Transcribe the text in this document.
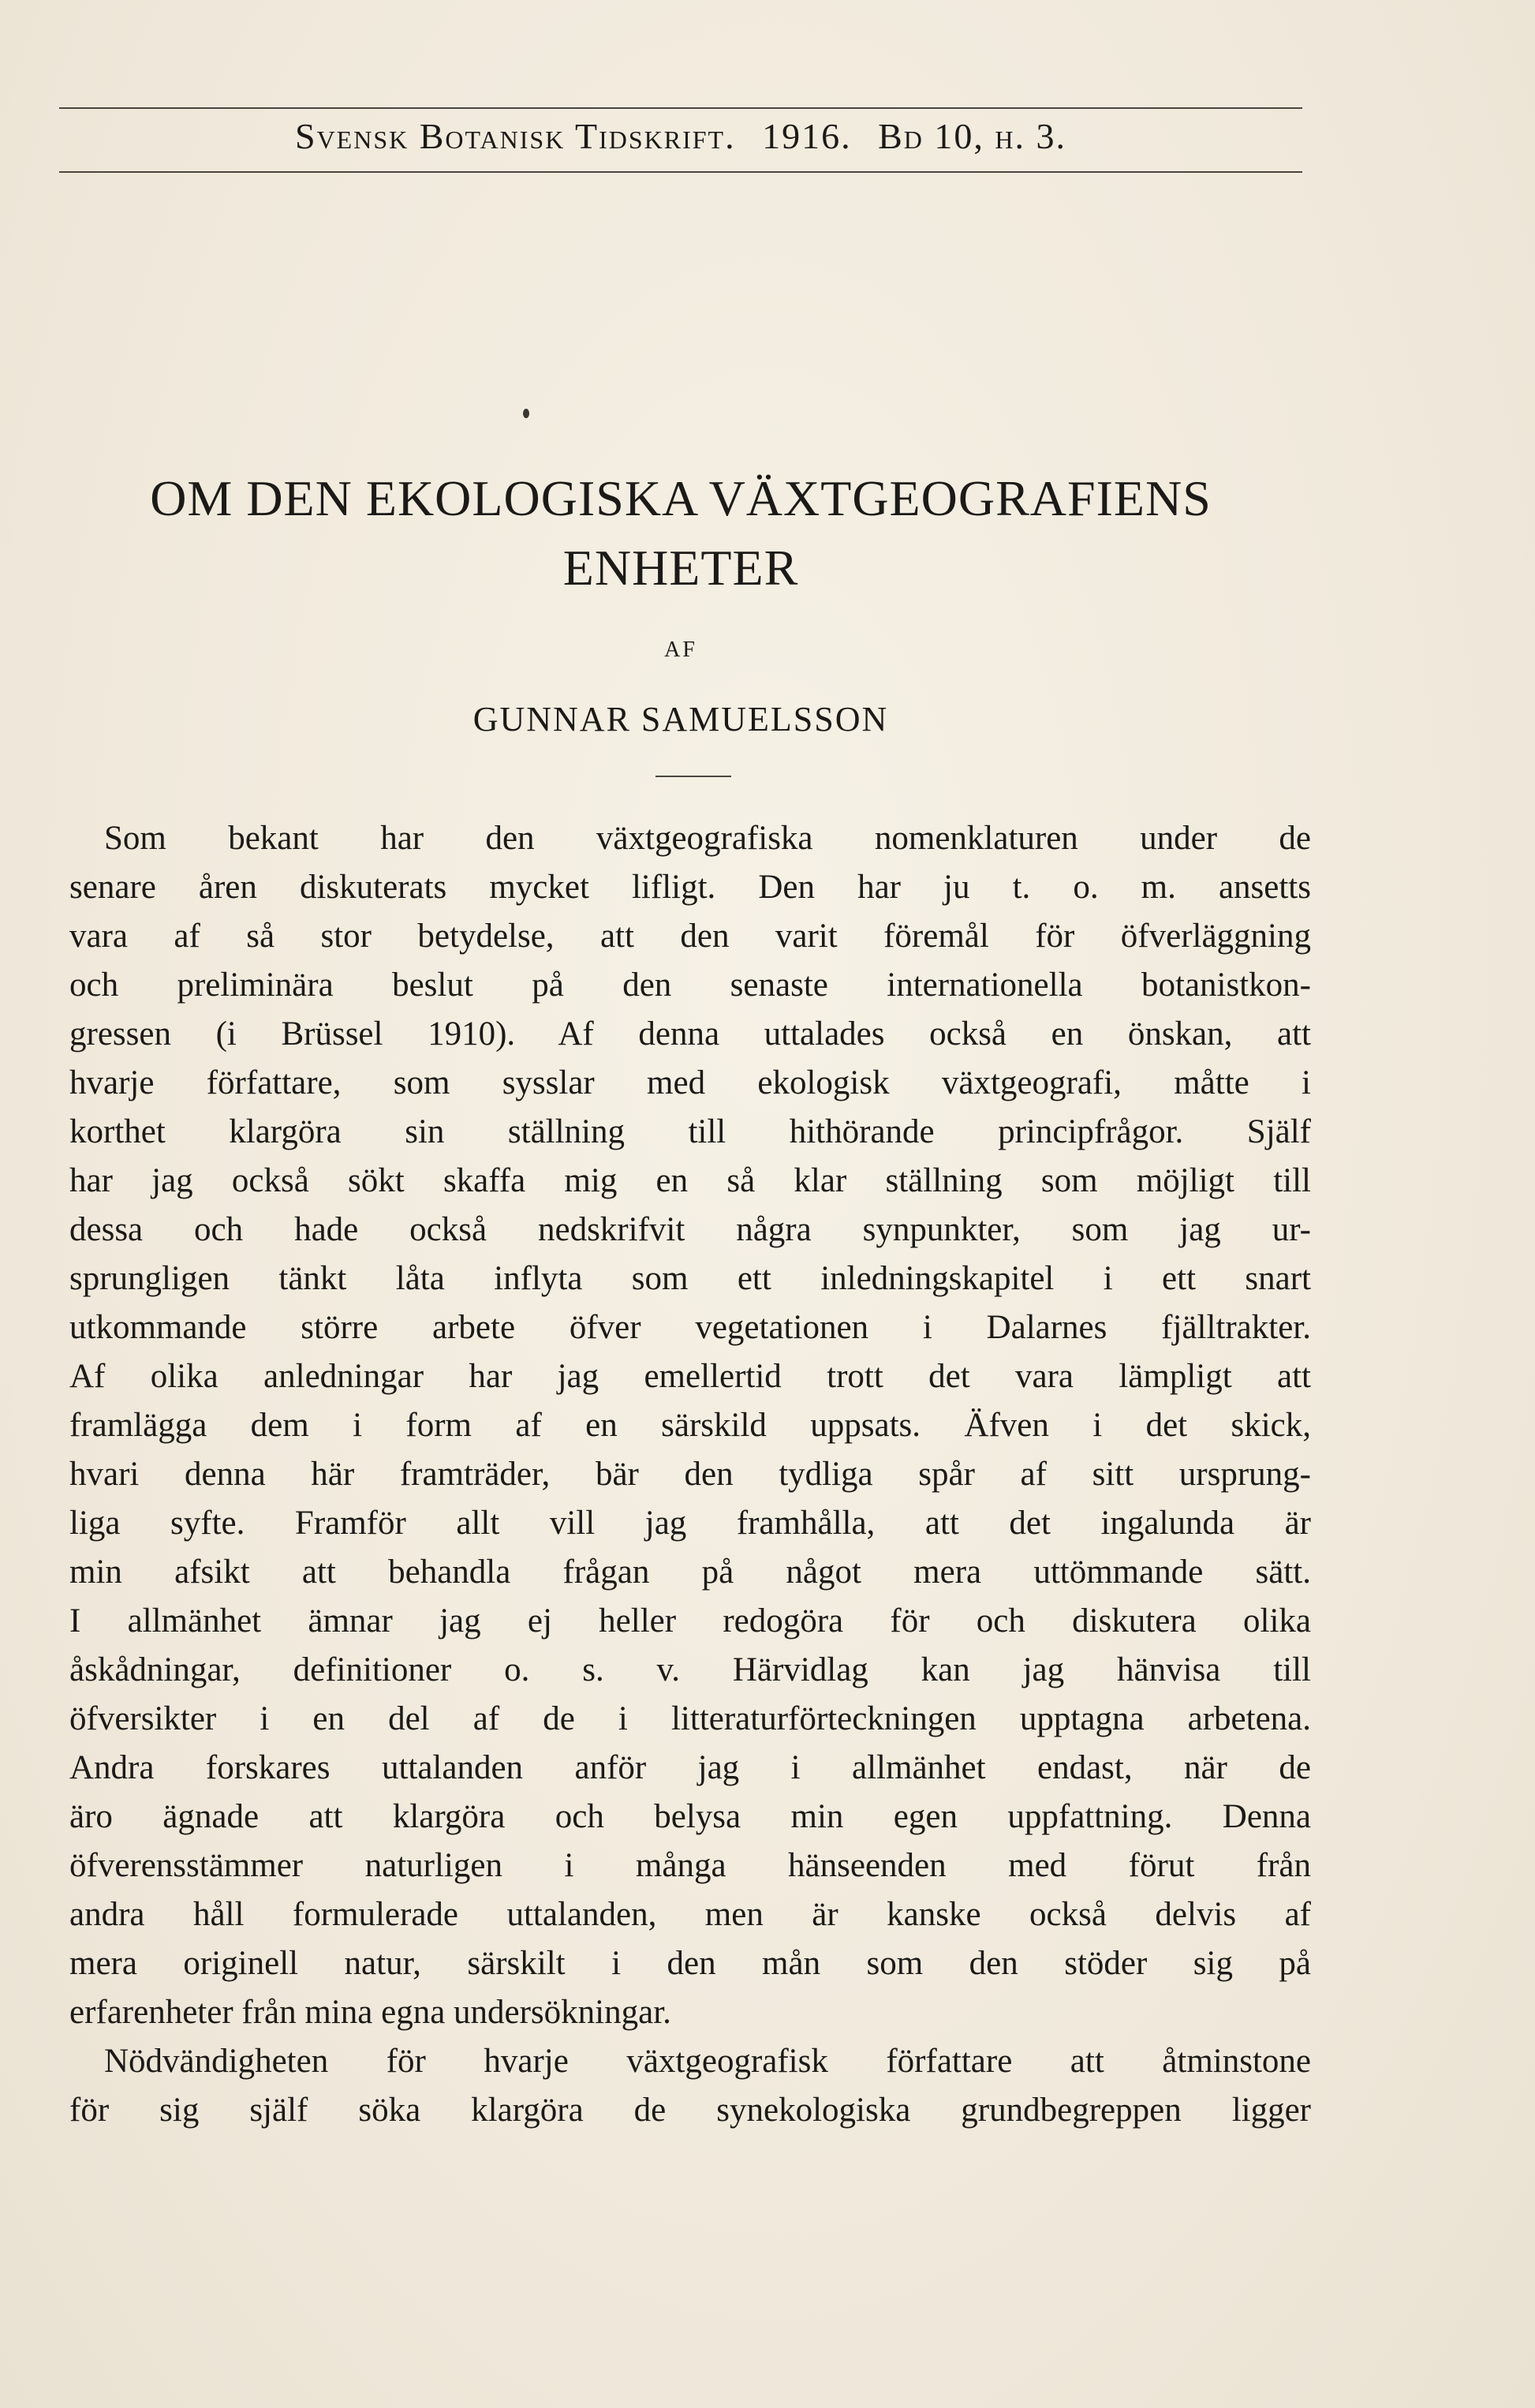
Svensk Botanisk Tidskrift. 1916. Bd 10, h. 3.
OM DEN EKOLOGISKA VÄXTGEOGRAFIENS
ENHETER
AF
GUNNAR SAMUELSSON
Som bekant har den växtgeografiska nomenklaturen under de
senare åren diskuterats mycket lifligt. Den har ju t. o. m. ansetts
vara af så stor betydelse, att den varit föremål för öfverläggning
och preliminära beslut på den senaste internationella botanistkon-
gressen (i Brüssel 1910). Af denna uttalades också en önskan, att
hvarje författare, som sysslar med ekologisk växtgeografi, måtte i
korthet klargöra sin ställning till hithörande principfrågor. Själf
har jag också sökt skaffa mig en så klar ställning som möjligt till
dessa och hade också nedskrifvit några synpunkter, som jag ur-
sprungligen tänkt låta inflyta som ett inledningskapitel i ett snart
utkommande större arbete öfver vegetationen i Dalarnes fjälltrakter.
Af olika anledningar har jag emellertid trott det vara lämpligt att
framlägga dem i form af en särskild uppsats. Äfven i det skick,
hvari denna här framträder, bär den tydliga spår af sitt ursprung-
liga syfte. Framför allt vill jag framhålla, att det ingalunda är
min afsikt att behandla frågan på något mera uttömmande sätt.
I allmänhet ämnar jag ej heller redogöra för och diskutera olika
åskådningar, definitioner o. s. v. Härvidlag kan jag hänvisa till
öfversikter i en del af de i litteraturförteckningen upptagna arbetena.
Andra forskares uttalanden anför jag i allmänhet endast, när de
äro ägnade att klargöra och belysa min egen uppfattning. Denna
öfverensstämmer naturligen i många hänseenden med förut från
andra håll formulerade uttalanden, men är kanske också delvis af
mera originell natur, särskilt i den mån som den stöder sig på
erfarenheter från mina egna undersökningar.
Nödvändigheten för hvarje växtgeografisk författare att åtminstone
för sig själf söka klargöra de synekologiska grundbegreppen ligger
